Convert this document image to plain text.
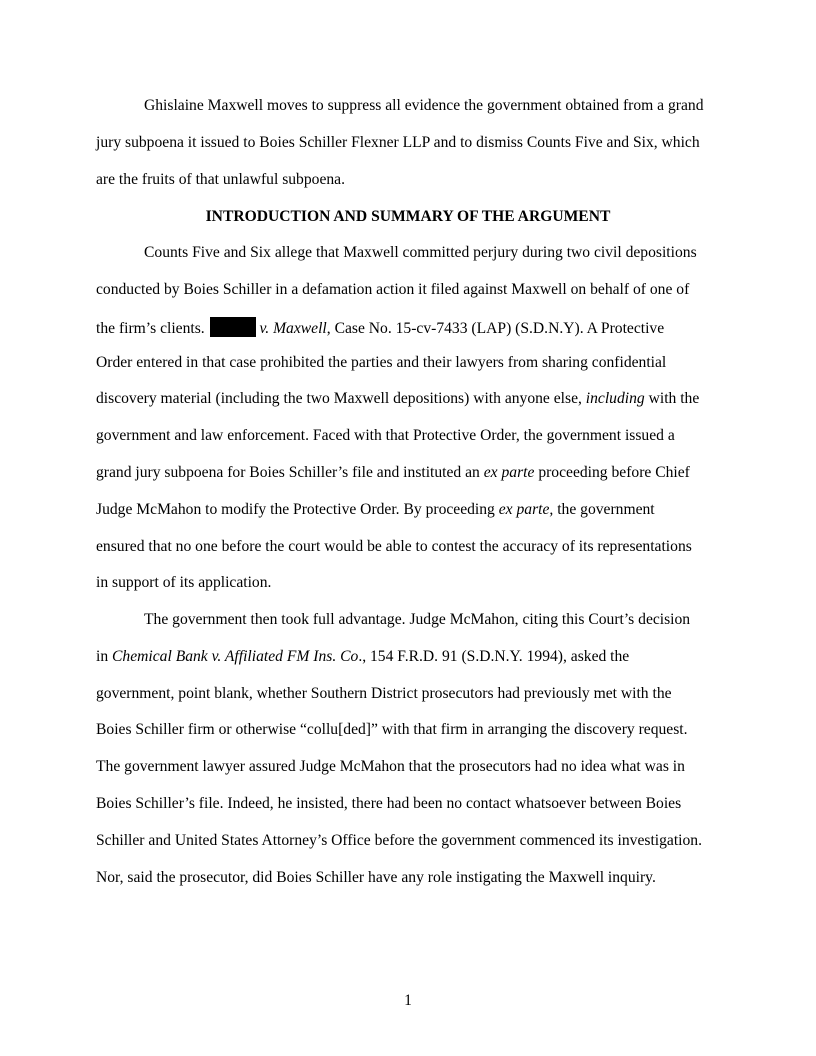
Ghislaine Maxwell moves to suppress all evidence the government obtained from a grand
jury subpoena it issued to Boies Schiller Flexner LLP and to dismiss Counts Five and Six, which
are the fruits of that unlawful subpoena.
INTRODUCTION AND SUMMARY OF THE ARGUMENT
Counts Five and Six allege that Maxwell committed perjury during two civil depositions
conducted by Boies Schiller in a defamation action it filed against Maxwell on behalf of one of
the firm’s clients.	v. Maxwell, Case No. 15-cv-7433 (LAP) (S.D.N.Y). A Protective
Order entered in that case prohibited the parties and their lawyers from sharing confidential
discovery material (including the two Maxwell depositions) with anyone else, including with the
government and law enforcement. Faced with that Protective Order, the government issued a
grand jury subpoena for Boies Schiller’s file and instituted an ex parte proceeding before Chief
Judge McMahon to modify the Protective Order. By proceeding ex parte, the government
ensured that no one before the court would be able to contest the accuracy of its representations
in support of its application.
The government then took full advantage. Judge McMahon, citing this Court’s decision
in Chemical Bank v. Affiliated FM Ins. Co., 154 F.R.D. 91 (S.D.N.Y. 1994), asked the
government, point blank, whether Southern District prosecutors had previously met with the
Boies Schiller firm or otherwise “collu[ded]” with that firm in arranging the discovery request.
The government lawyer assured Judge McMahon that the prosecutors had no idea what was in
Boies Schiller’s file. Indeed, he insisted, there had been no contact whatsoever between Boies
Schiller and United States Attorney’s Office before the government commenced its investigation.
Nor, said the prosecutor, did Boies Schiller have any role instigating the Maxwell inquiry.
1
